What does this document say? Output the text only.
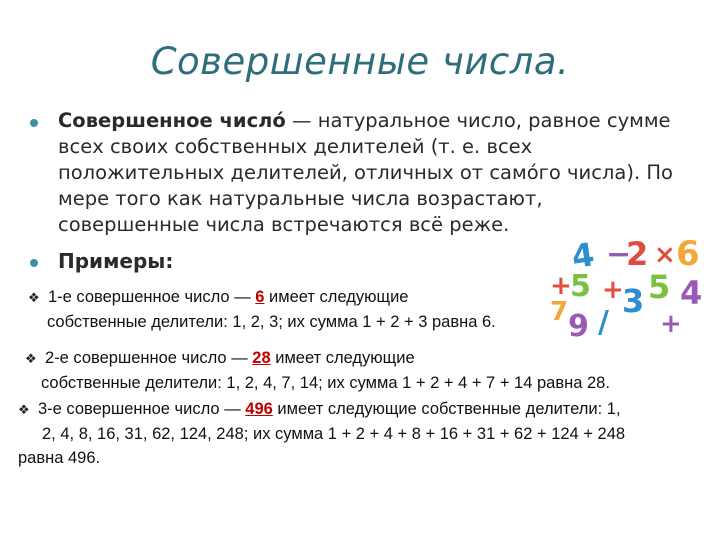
Совершенные числа.
Совершенное число́ — натуральное число, равное сумме всех своих собственных делителей (т. е. всех положительных делителей, отличных от само́го числа). По мере того как натуральные числа возрастают, совершенные числа встречаются всё реже.
Примеры:	4 −
2 × 6
+
5 +
3 5 4
7 9	+
/
❖ 1-е совершенное число — 6 имеет следующие
собственные делители: 1, 2, 3; их сумма 1 + 2 + 3 равна 6.
❖ 2-е совершенное число — 28 имеет следующие
собственные делители: 1, 2, 4, 7, 14; их сумма 1 + 2 + 4 + 7 + 14 равна 28.
❖ 3-е совершенное число — 496 имеет следующие собственные делители: 1,
2, 4, 8, 16, 31, 62, 124, 248; их сумма 1 + 2 + 4 + 8 + 16 + 31 + 62 + 124 + 248
равна 496.
